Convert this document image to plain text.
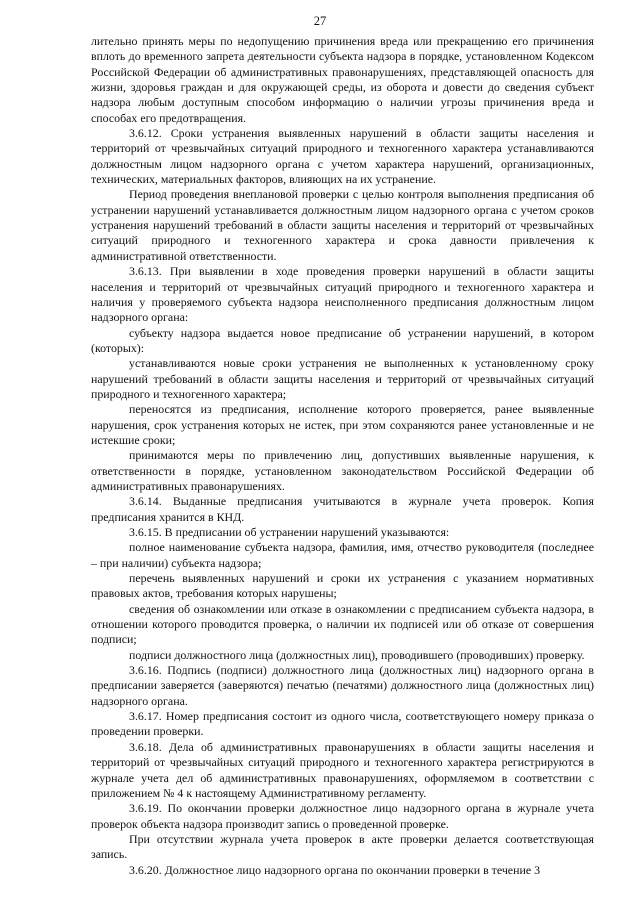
27

лительно принять меры по недопущению причинения вреда или прекращению его причинения вплоть до временного запрета деятельности субъекта надзора в порядке, установленном Кодексом Российской Федерации об административных правонарушениях, представляющей опасность для жизни, здоровья граждан и для окружающей среды, из оборота и довести до сведения субъект надзора любым доступным способом информацию о наличии угрозы причинения вреда и способах его предотвращения.

3.6.12. Сроки устранения выявленных нарушений в области защиты населения и территорий от чрезвычайных ситуаций природного и техногенного характера устанавливаются должностным лицом надзорного органа с учетом характера нарушений, организационных, технических, материальных факторов, влияющих на их устранение.

Период проведения внеплановой проверки с целью контроля выполнения предписания об устранении нарушений устанавливается должностным лицом надзорного органа с учетом сроков устранения нарушений требований в области защиты населения и территорий от чрезвычайных ситуаций природного и техногенного характера и срока давности привлечения к административной ответственности.

3.6.13. При выявлении в ходе проведения проверки нарушений в области защиты населения и территорий от чрезвычайных ситуаций природного и техногенного характера и наличия у проверяемого субъекта надзора неисполненного предписания должностным лицом надзорного органа:

субъекту надзора выдается новое предписание об устранении нарушений, в котором (которых):

устанавливаются новые сроки устранения не выполненных к установленному сроку нарушений требований в области защиты населения и территорий от чрезвычайных ситуаций природного и техногенного характера;

переносятся из предписания, исполнение которого проверяется, ранее выявленные нарушения, срок устранения которых не истек, при этом сохраняются ранее установленные и не истекшие сроки;

принимаются меры по привлечению лиц, допустивших выявленные нарушения, к ответственности в порядке, установленном законодательством Российской Федерации об административных правонарушениях.

3.6.14. Выданные предписания учитываются в журнале учета проверок. Копия предписания хранится в КНД.

3.6.15. В предписании об устранении нарушений указываются:

полное наименование субъекта надзора, фамилия, имя, отчество руководителя (последнее – при наличии) субъекта надзора;

перечень выявленных нарушений и сроки их устранения с указанием нормативных правовых актов, требования которых нарушены;

сведения об ознакомлении или отказе в ознакомлении с предписанием субъекта надзора, в отношении которого проводится проверка, о наличии их подписей или об отказе от совершения подписи;

подписи должностного лица (должностных лиц), проводившего (проводивших) проверку.

3.6.16. Подпись (подписи) должностного лица (должностных лиц) надзорного органа в предписании заверяется (заверяются) печатью (печатями) должностного лица (должностных лиц) надзорного органа.

3.6.17. Номер предписания состоит из одного числа, соответствующего номеру приказа о проведении проверки.

3.6.18. Дела об административных правонарушениях в области защиты населения и территорий от чрезвычайных ситуаций природного и техногенного характера регистрируются в журнале учета дел об административных правонарушениях, оформляемом в соответствии с приложением № 4 к настоящему Административному регламенту.

3.6.19. По окончании проверки должностное лицо надзорного органа в журнале учета проверок объекта надзора производит запись о проведенной проверке.

При отсутствии журнала учета проверок в акте проверки делается соответствующая запись.

3.6.20. Должностное лицо надзорного органа по окончании проверки в течение 3
